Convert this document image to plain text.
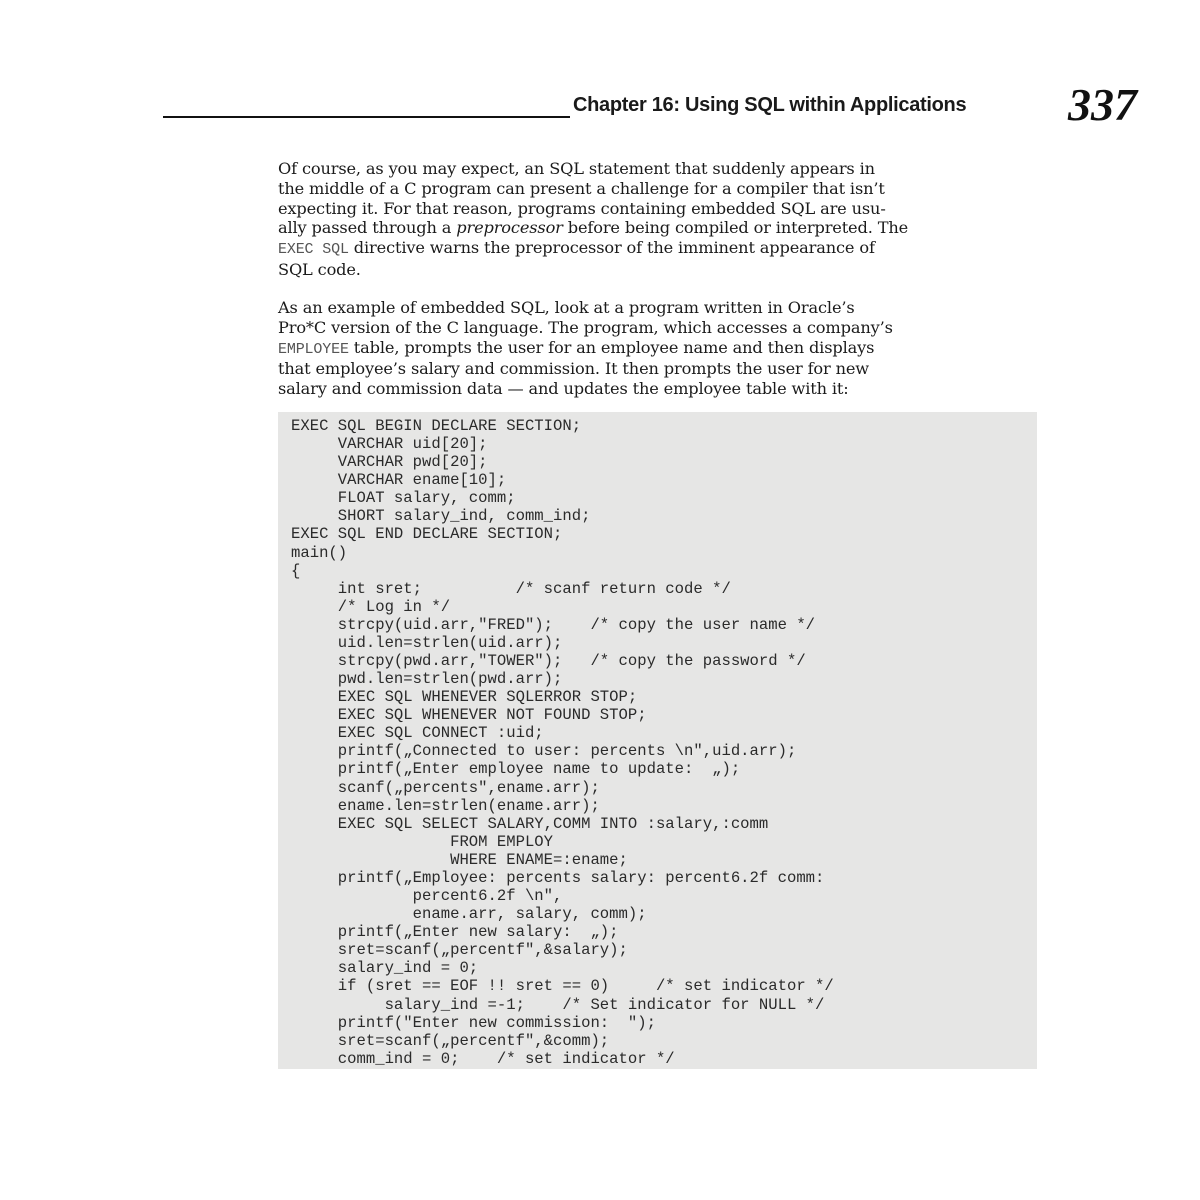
Chapter 16: Using SQL within Applications 337
Of course, as you may expect, an SQL statement that suddenly appears in
the middle of a C program can present a challenge for a compiler that isn’t
expecting it. For that reason, programs containing embedded SQL are usu-
ally passed through a preprocessor before being compiled or interpreted. The
EXEC SQL directive warns the preprocessor of the imminent appearance of
SQL code.
As an example of embedded SQL, look at a program written in Oracle’s
Pro*C version of the C language. The program, which accesses a company’s
EMPLOYEE table, prompts the user for an employee name and then displays
that employee’s salary and commission. It then prompts the user for new
salary and commission data — and updates the employee table with it:
EXEC SQL BEGIN DECLARE SECTION;
VARCHAR uid[20];
VARCHAR pwd[20];
VARCHAR ename[10];
FLOAT salary, comm;
SHORT salary_ind, comm_ind;
EXEC SQL END DECLARE SECTION;
main()
{
int sret;          /* scanf return code */
/* Log in */
strcpy(uid.arr,"FRED");    /* copy the user name */
uid.len=strlen(uid.arr);
strcpy(pwd.arr,"TOWER");   /* copy the password */
pwd.len=strlen(pwd.arr);
EXEC SQL WHENEVER SQLERROR STOP;
EXEC SQL WHENEVER NOT FOUND STOP;
EXEC SQL CONNECT :uid;
printf(„Connected to user: percents \n",uid.arr);
printf(„Enter employee name to update:  „);
scanf(„percents",ename.arr);
ename.len=strlen(ename.arr);
EXEC SQL SELECT SALARY,COMM INTO :salary,:comm
FROM EMPLOY
WHERE ENAME=:ename;
printf(„Employee: percents salary: percent6.2f comm:
percent6.2f \n",
ename.arr, salary, comm);
printf(„Enter new salary:  „);
sret=scanf(„percentf",&salary);
salary_ind = 0;
if (sret == EOF !! sret == 0)     /* set indicator */
salary_ind =-1;    /* Set indicator for NULL */
printf("Enter new commission:  ");
sret=scanf(„percentf",&comm);
comm_ind = 0;    /* set indicator */
